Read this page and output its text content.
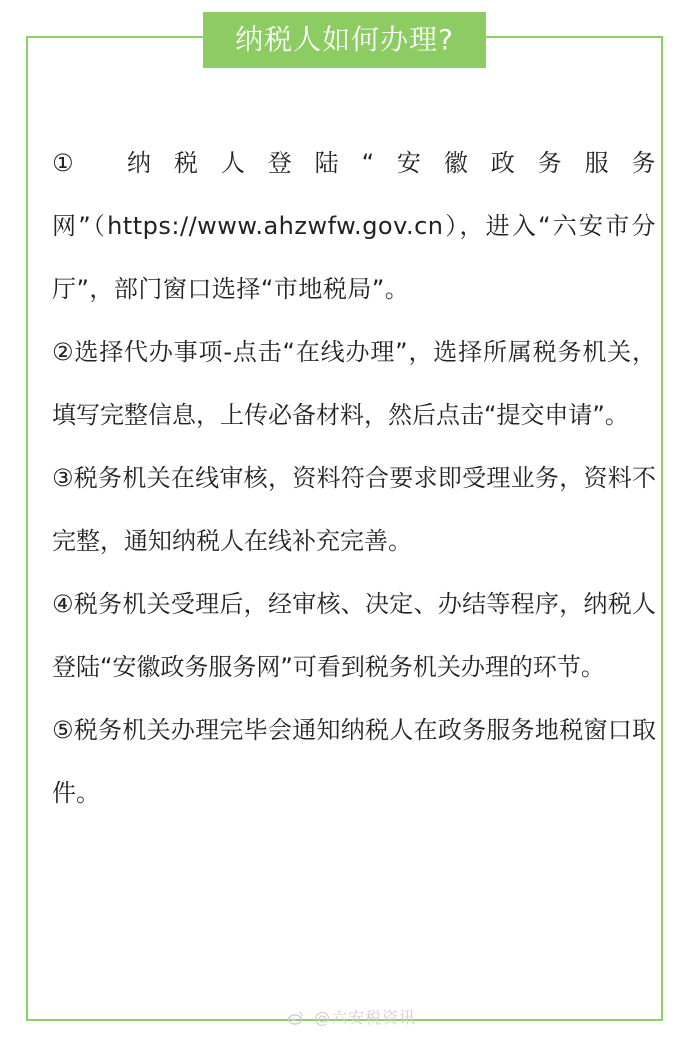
纳税人如何办理?

① 纳税人登陆“安徽政务服务网”（https://www.ahzwfw.gov.cn），进入“六安市分厅”，部门窗口选择“市地税局”。

②选择代办事项-点击“在线办理”，选择所属税务机关，填写完整信息，上传必备材料，然后点击“提交申请”。

③税务机关在线审核，资料符合要求即受理业务，资料不完整，通知纳税人在线补充完善。

④税务机关受理后，经审核、决定、办结等程序，纳税人登陆“安徽政务服务网”可看到税务机关办理的环节。

⑤税务机关办理完毕会通知纳税人在政务服务地税窗口取件。

@六安税资讯
